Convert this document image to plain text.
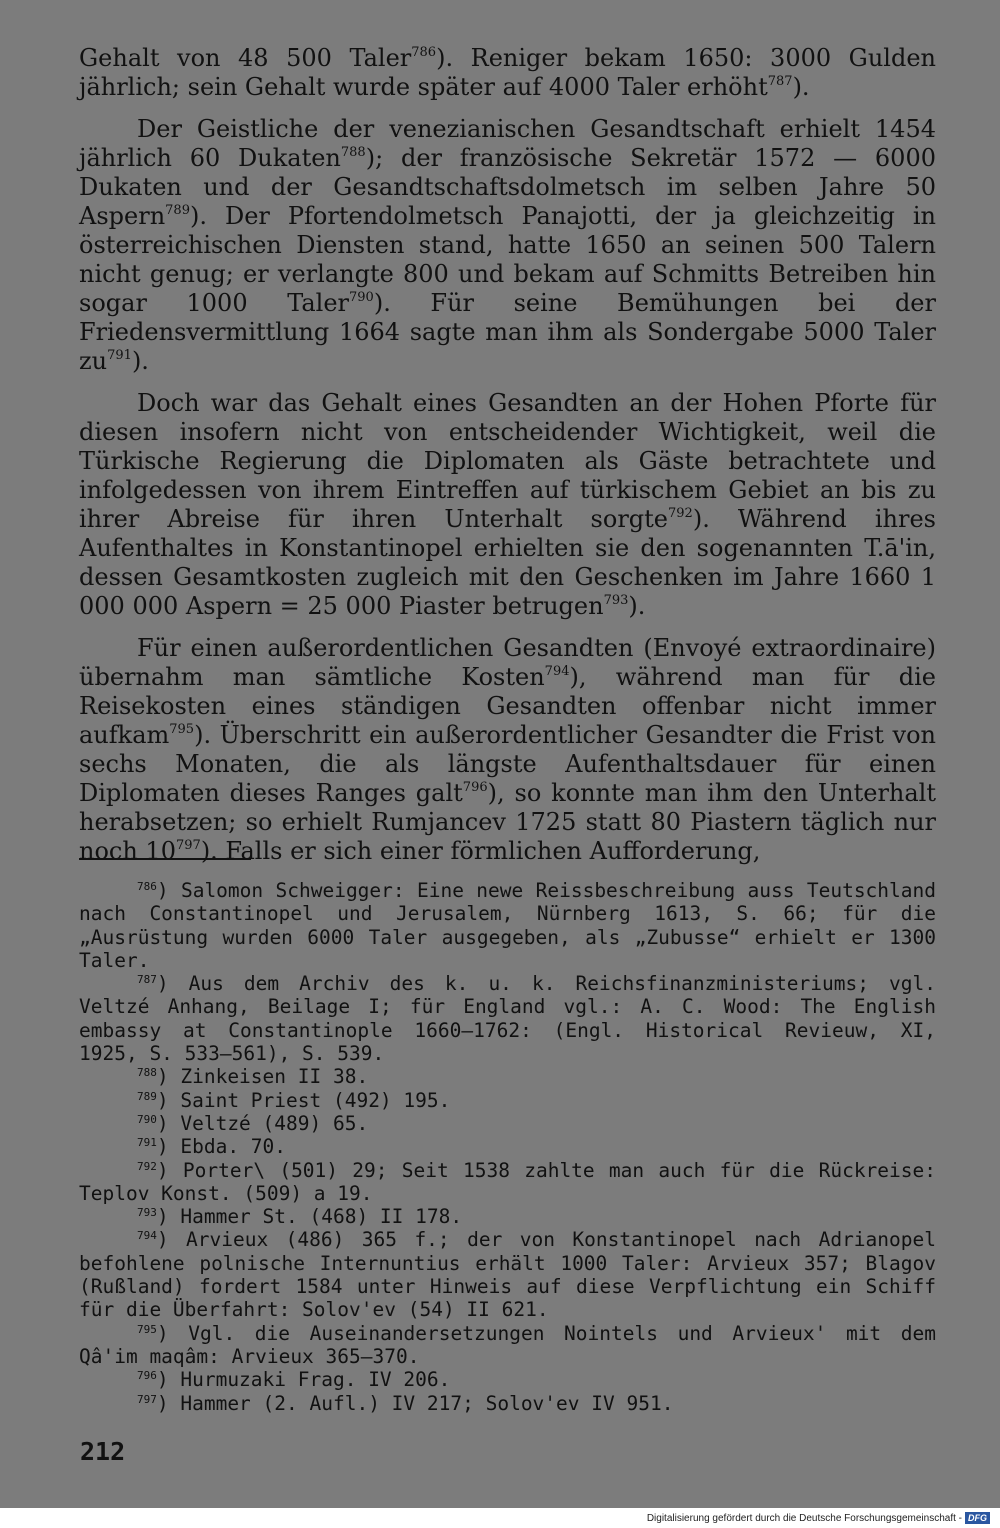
Gehalt von 48 500 Taler$^{786}$). Reniger bekam 1650: 3000 Gulden jährlich; sein Gehalt wurde später auf 4000 Taler erhöht$^{787}$).

Der Geistliche der venezianischen Gesandtschaft erhielt 1454 jährlich 60 Dukaten$^{788}$); der französische Sekretär 1572 — 6000 Dukaten und der Gesandtschaftsdolmetsch im selben Jahre 50 Aspern$^{789}$). Der Pfortendolmetsch Panajotti, der ja gleichzeitig in österreichischen Diensten stand, hatte 1650 an seinen 500 Talern nicht genug; er verlangte 800 und bekam auf Schmitts Betreiben hin sogar 1000 Taler$^{790}$). Für seine Bemühungen bei der Friedensvermittlung 1664 sagte man ihm als Sondergabe 5000 Taler $zu^{791}$).

Doch war das Gehalt eines Gesandten an der Hohen Pforte für diesen insofern nicht von entscheidender Wichtigkeit, weil die Türkische Regierung die Diplomaten als Gäste betrachtete und infolgedessen von ihrem Eintreffen auf türkischem Gebiet an bis zu ihrer Abreise für ihren Unterhalt sorgte$^{792}$). Während ihres Aufenthaltes in Konstantinopel erhielten sie den sogenannten T.ā'in, dessen Gesamtkosten zugleich mit den Geschenken im Jahre 1660 1 000 000 Aspern = 25 000 Piaster betrugen$^{793}$).

Für einen außerordentlichen Gesandten (Envoyé extraordinaire) übernahm man sämtliche Kosten$^{794}$), während man für die Reisekosten eines ständigen Gesandten offenbar nicht immer aufkam$^{795}$). Überschritt ein außerordentlicher Gesandter die Frist von sechs Monaten, die als längste Aufenthaltsdauer für einen Diplomaten dieses Ranges galt$^{796}$), so konnte man ihm den Unterhalt herabsetzen; so erhielt Rumjancev 1725 statt 80 Piastern täglich nur noch $10^{797}$). Falls er sich einer förmlichen Aufforderung,

$^{786}$) Salomon Schweigger: Eine newe Reissbeschreibung auss Teutschland nach Constantinopel und Jerusalem, Nürnberg 1613, S. 66; für die „Ausrüstung wurden 6000 Taler ausgegeben, als „Zubusse“ erhielt er 1300 Taler.

$^{787}$) Aus dem Archiv des k. u. k. Reichsfinanzministeriums; vgl. Veltzé Anhang, Beilage I; für England vgl.: A. C. Wood: The English embassy at Constantinople 1660—1762: (Engl. Historical Revieuw, XI, 1925, S. 533—561), S. 539.

$^{788}$) Zinkeisen II 38.

$^{789}$) Saint Priest (492) 195.

$^{790}$) Veltzé (489) 65.

$^{791}$) Ebda. 70.

$^{792}$) Porter\ (501) 29; Seit 1538 zahlte man auch für die Rückreise: Teplov Konst. (509) a 19.

$^{793}$) Hammer St. (468) II 178.

$^{794}$) Arvieux (486) 365 f.; der von Konstantinopel nach Adrianopel befohlene polnische Internuntius erhält 1000 Taler: Arvieux 357; Blagov (Rußland) fordert 1584 unter Hinweis auf diese Verpflichtung ein Schiff für die Überfahrt: Solov'ev (54) II 621.

$^{795}$) Vgl. die Auseinandersetzungen Nointels und Arvieux' mit dem Qâ'im maqâm: Arvieux 365—370.

$^{796}$) Hurmuzaki Frag. IV 206.

$^{797}$) Hammer (2. Aufl.) IV 217; Solov'ev IV 951.

212
Digitalisierung gefördert durch die Deutsche Forschungsgemeinschaft - DFG
